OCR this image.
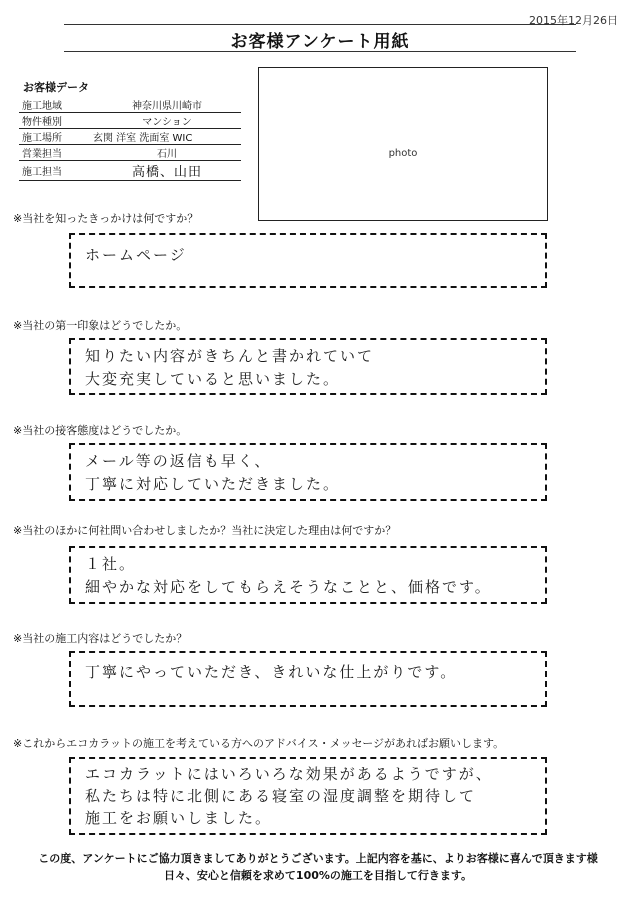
2015年12月26日
お客様アンケート用紙
お客様データ
施工地域	神奈川県川崎市
物件種別	マンション
施工場所	玄関 洋室 洗面室 WIC
営業担当	石川
施工担当	高橋、山田
photo
※当社を知ったきっかけは何ですか？
ホームページ
※当社の第一印象はどうでしたか。
知りたい内容がきちんと書かれていて
大変充実していると思いました。
※当社の接客態度はどうでしたか。
メール等の返信も早く、
丁寧に対応していただきました。
※当社のほかに何社問い合わせしましたか？当社に決定した理由は何ですか？
１社。
細やかな対応をしてもらえそうなことと、価格です。
※当社の施工内容はどうでしたか？
丁寧にやっていただき、きれいな仕上がりです。
※これからエコカラットの施工を考えている方へのアドバイス・メッセージがあればお願いします。
エコカラットにはいろいろな効果があるようですが、
私たちは特に北側にある寝室の湿度調整を期待して
施工をお願いしました。
この度、アンケートにご協力頂きましてありがとうございます。上記内容を基に、よりお客様に喜んで頂きます様
日々、安心と信頼を求めて100%の施工を目指して行きます。
